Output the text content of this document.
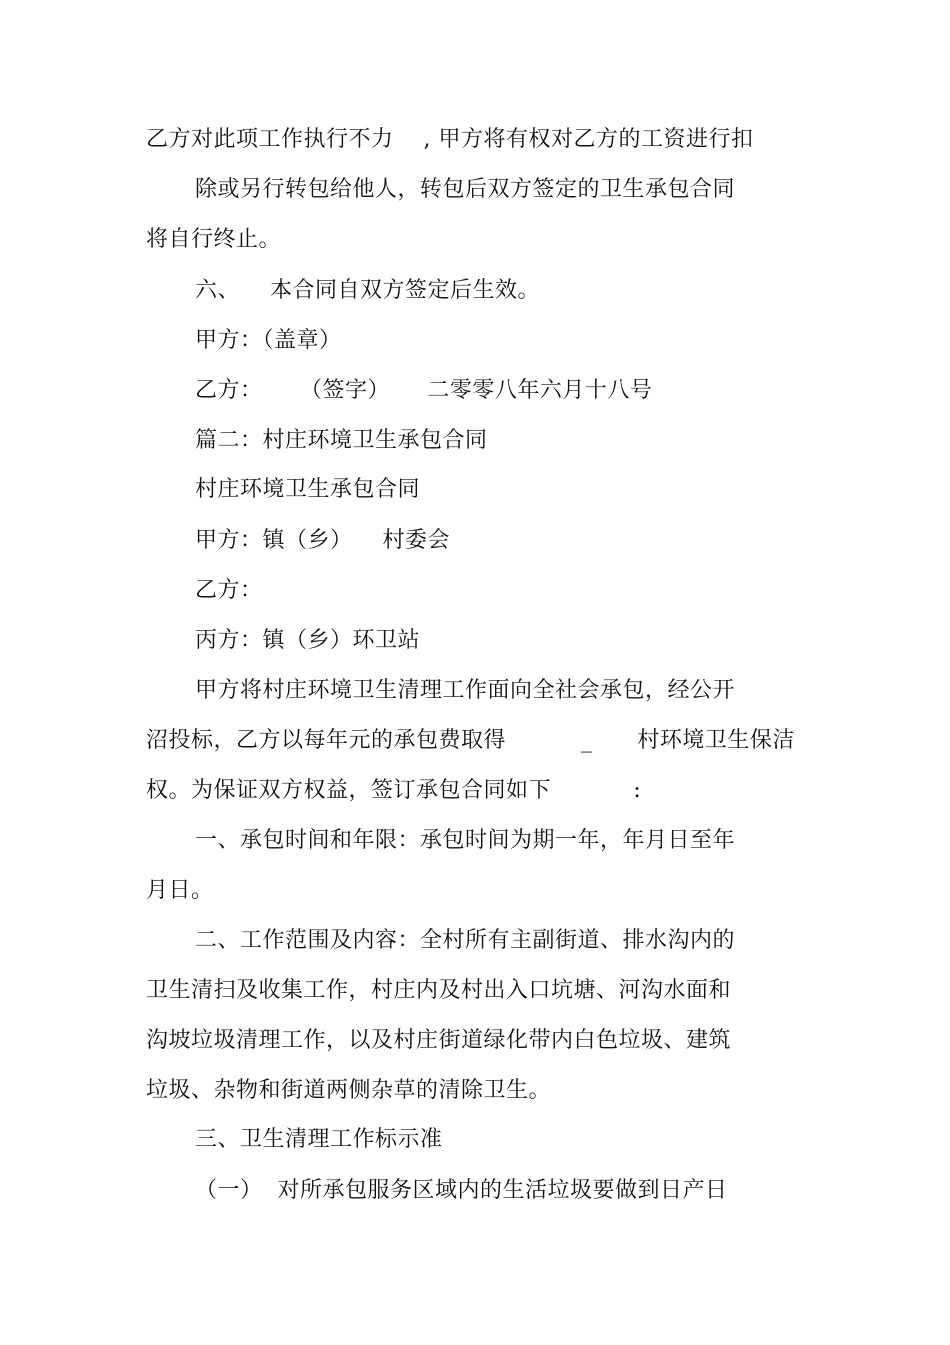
乙方对此项工作执行不力    , 甲方将有权对乙方的工资进行扣
除或另行转包给他人，转包后双方签定的卫生承包合同
将自行终止。
六、    本合同自双方签定后生效。
甲方：（盖章）
乙方：     （签字）     二零零八年六月十八号
篇二：村庄环境卫生承包合同
村庄环境卫生承包合同
甲方：镇（乡）    村委会
乙方：
丙方：镇（乡）环卫站
甲方将村庄环境卫生清理工作面向全社会承包，经公开
沼投标，乙方以每年元的承包费取得          _      村环境卫生保洁
权。为保证双方权益，签订承包合同如下           :
一、承包时间和年限：承包时间为期一年，年月日至年
月日。
二、工作范围及内容：全村所有主副街道、排水沟内的
卫生清扫及收集工作，村庄内及村出入口坑塘、河沟水面和
沟坡垃圾清理工作，以及村庄街道绿化带内白色垃圾、建筑
垃圾、杂物和街道两侧杂草的清除卫生。
三、卫生清理工作标示准
（一）  对所承包服务区域内的生活垃圾要做到日产日
